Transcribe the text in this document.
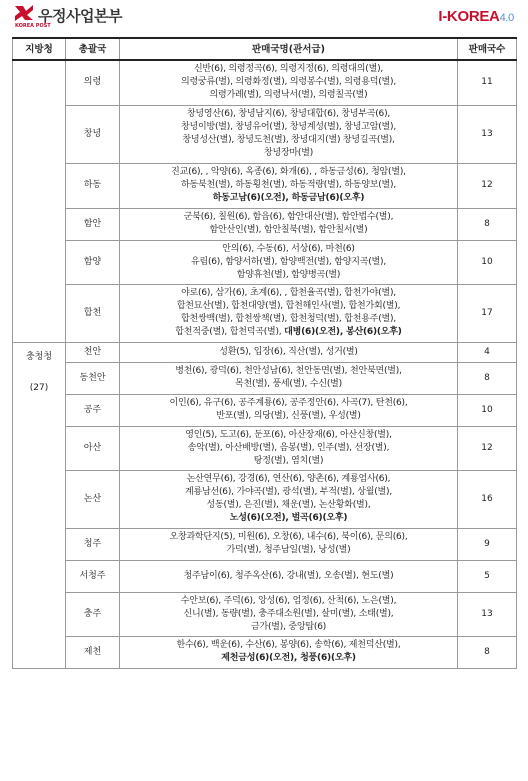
우정사업본부
KOREA POST
I-KOREA4.0
지방청	총괄국	판매국명(관서급)	판매국수
	의령	신반(6), 의령정곡(6), 의령지정(6), 의령대의(별),
의령궁류(별), 의령화정(별), 의령봉수(별), 의령용덕(별),
의령가례(별), 의령낙서(별), 의령칠곡(별)	11
	창녕	창녕영산(6), 창녕남지(6), 창녕대합(6), 창녕부곡(6),
창녕이방(별), 창녕유어(별), 창녕계성(별), 창녕고암(별),
창녕성산(별), 창녕도천(별), 창녕대지(별) 창녕길곡(별),
창녕장마(별)	13
	하동	진교(6), , 악양(6), 옥종(6), 화개(6), , 하동금성(6), 청암(별),
하동북천(별), 하동횡천(별), 하동적량(별), 하동양보(별),
하동고남(6)(오전), 하동금남(6)(오후)	12
	함안	군북(6), 칠원(6), 함읍(6), 함안대산(별), 함안법수(별),
함안산인(별), 함안칠북(별), 함안칠서(별)	8
	함양	안의(6), 수동(6), 서상(6), 마천(6)
유림(6), 함양서하(별), 함양백전(별), 함양지곡(별),
함양휴천(별), 함양병곡(별)	10
	합천	야로(6), 삼가(6), 초계(6), , 합천율곡(별), 합천가야(별),
합천묘산(별), 합천대양(별), 합천해인사(별), 합천가회(별),
합천쌍백(별), 합천쌍책(별), 합천청덕(별), 합천용주(별),
합천적중(별), 합천덕곡(별), 대병(6)(오전), 봉산(6)(오후)	17
충청청
(27)	천안	성환(5), 입장(6), 직산(별), 성거(별)	4
	동천안	병천(6), 광덕(6), 천안성남(6), 천안동면(별), 천안북면(별),
목천(별), 풍세(별), 수신(별)	8
	공주	이인(6), 유구(6), 공주계룡(6), 공주정안(6), 사곡(7), 탄천(6),
반포(별), 의당(별), 신풍(별), 우성(별)	10
	아산	영인(5), 도고(6), 둔포(6), 아산장재(6), 아산신창(별),
송악(별), 아산배방(별), 음봉(별), 인주(별), 선장(별),
탕정(별), 염치(별)	12
	논산	논산연무(6), 강경(6), 연산(6), 양촌(6), 계룡엄사(6),
계룡남선(6), 가야곡(별), 광석(별), 부적(별), 상월(별),
성동(별), 은진(별), 채운(별), 논산황화(별),
노성(6)(오전), 벌곡(6)(오후)	16
	청주	오창과학단지(5), 미원(6), 오창(6), 내수(6), 북이(6), 문의(6),
가덕(별), 청주남일(별), 낭성(별)	9
	서청주	청주남이(6), 청주옥산(6), 강내(별), 오송(별), 현도(별)	5
	충주	수안보(6), 주덕(6), 앙성(6), 엄정(6), 산척(6), 노은(별),
신니(별), 동량(별), 충주대소원(별), 살미(별), 소태(별),
금가(별), 중앙탑(6)	13
	제천	한수(6), 백운(6), 수산(6), 봉양(6), 송학(6), 제천덕산(별),
제천금성(6)(오전), 청풍(6)(오후)	8
